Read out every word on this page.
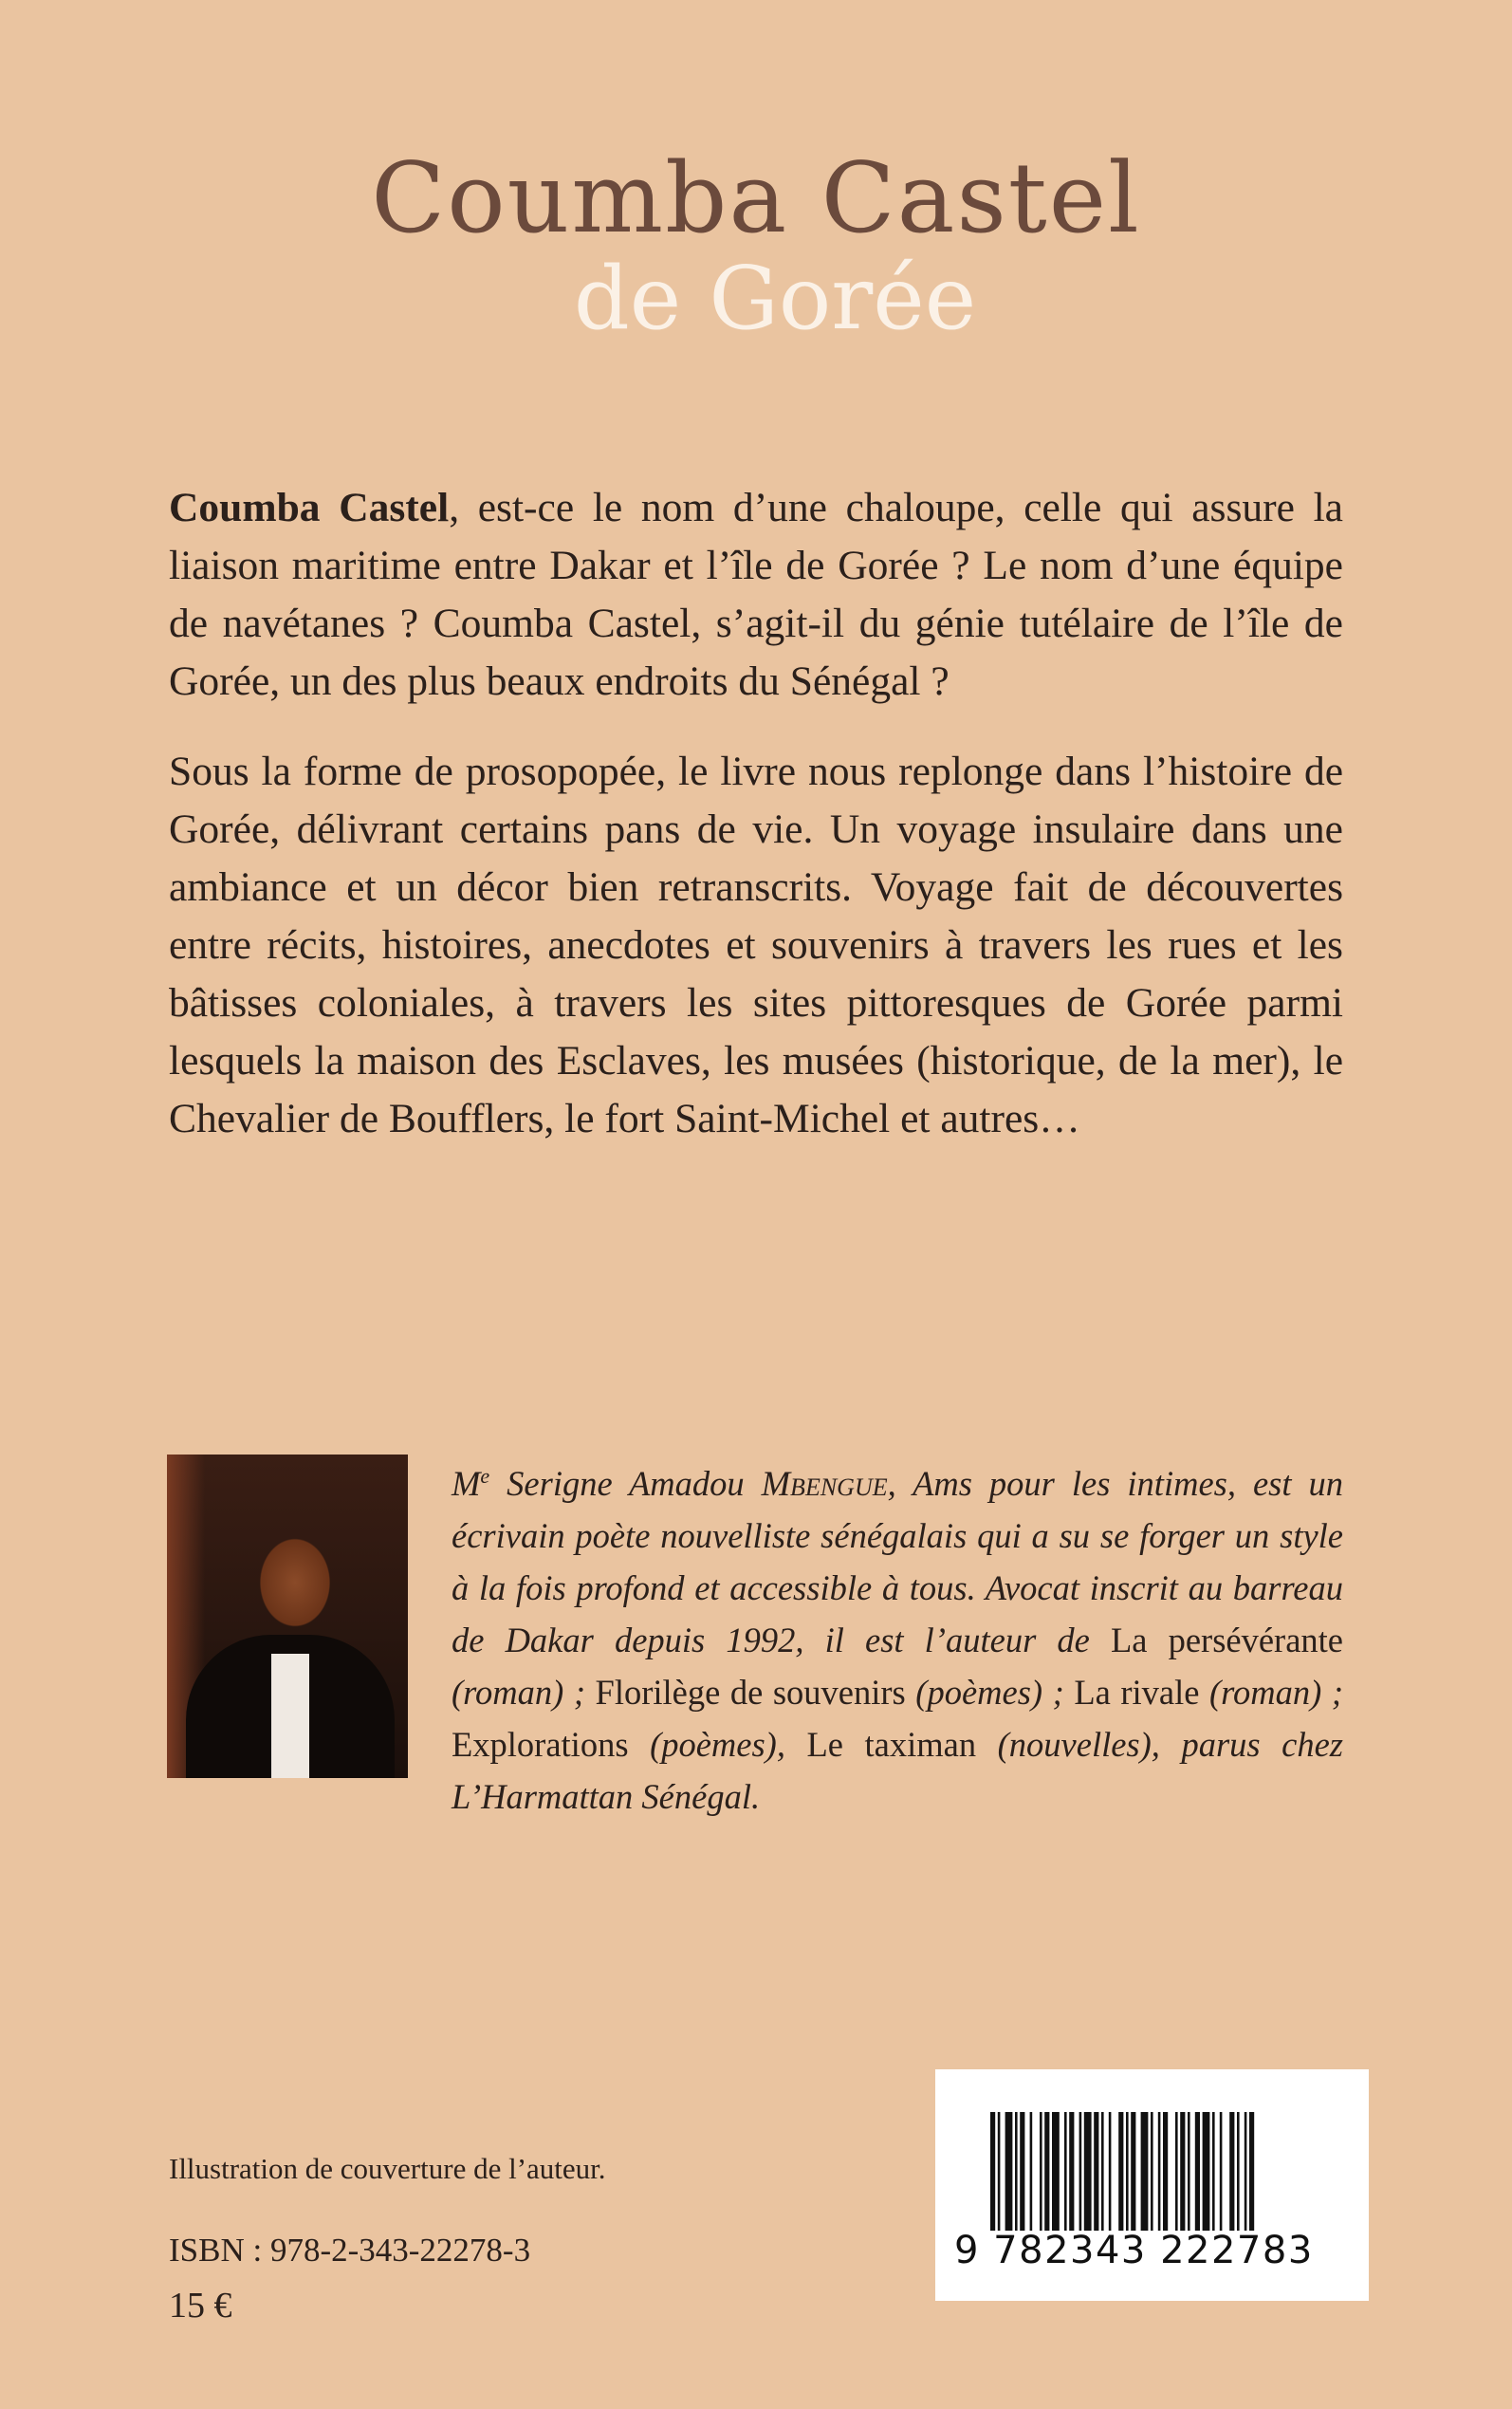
Coumba Castel
de Gorée

Coumba Castel, est-ce le nom d’une chaloupe, celle qui assure la liaison maritime entre Dakar et l’île de Gorée ? Le nom d’une équipe de navétanes ? Coumba Castel, s’agit-il du génie tutélaire de l’île de Gorée, un des plus beaux endroits du Sénégal ?

Sous la forme de prosopopée, le livre nous replonge dans l’histoire de Gorée, délivrant certains pans de vie. Un voyage insulaire dans une ambiance et un décor bien retranscrits. Voyage fait de découvertes entre récits, histoires, anecdotes et souvenirs à travers les rues et les bâtisses coloniales, à travers les sites pittoresques de Gorée parmi lesquels la maison des Esclaves, les musées (historique, de la mer), le Chevalier de Boufflers, le fort Saint-Michel et autres…

Me Serigne Amadou Mbengue, Ams pour les intimes, est un écrivain poète nouvelliste sénégalais qui a su se forger un style à la fois profond et accessible à tous. Avocat inscrit au barreau de Dakar depuis 1992, il est l’auteur de La persévérante (roman) ; Florilège de souvenirs (poèmes) ; La rivale (roman) ; Explorations (poèmes), Le taximan (nouvelles), parus chez L’Harmattan Sénégal.
Illustration de couverture de l’auteur.
ISBN : 978-2-343-22278-3
15 €
9 782343 222783
